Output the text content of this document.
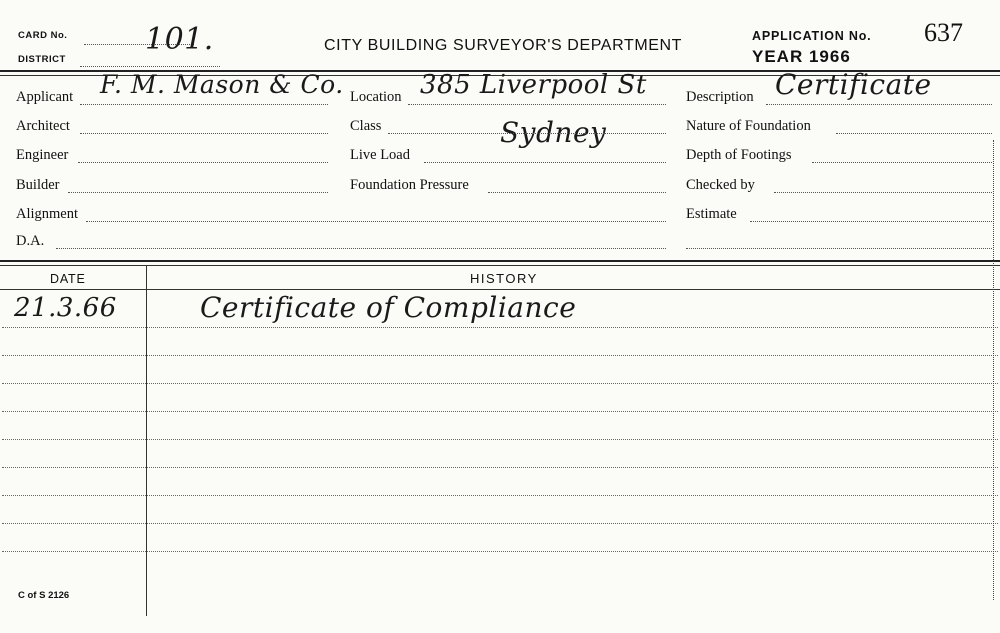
CARD No.
DISTRICT
101.	CITY BUILDING SURVEYOR'S DEPARTMENT
APPLICATION No. 637
YEAR 1966
Applicant F. M. Mason & Co.
Architect
Engineer
Builder
Alignment
D.A.
Location 385 Liverpool St
Sydney
Class
Live Load
Foundation Pressure
Description Certificate
Nature of Foundation
Depth of Footings
Checked by
Estimate
DATE	HISTORY
21.3.66	Certificate of Compliance
C of S 2126
